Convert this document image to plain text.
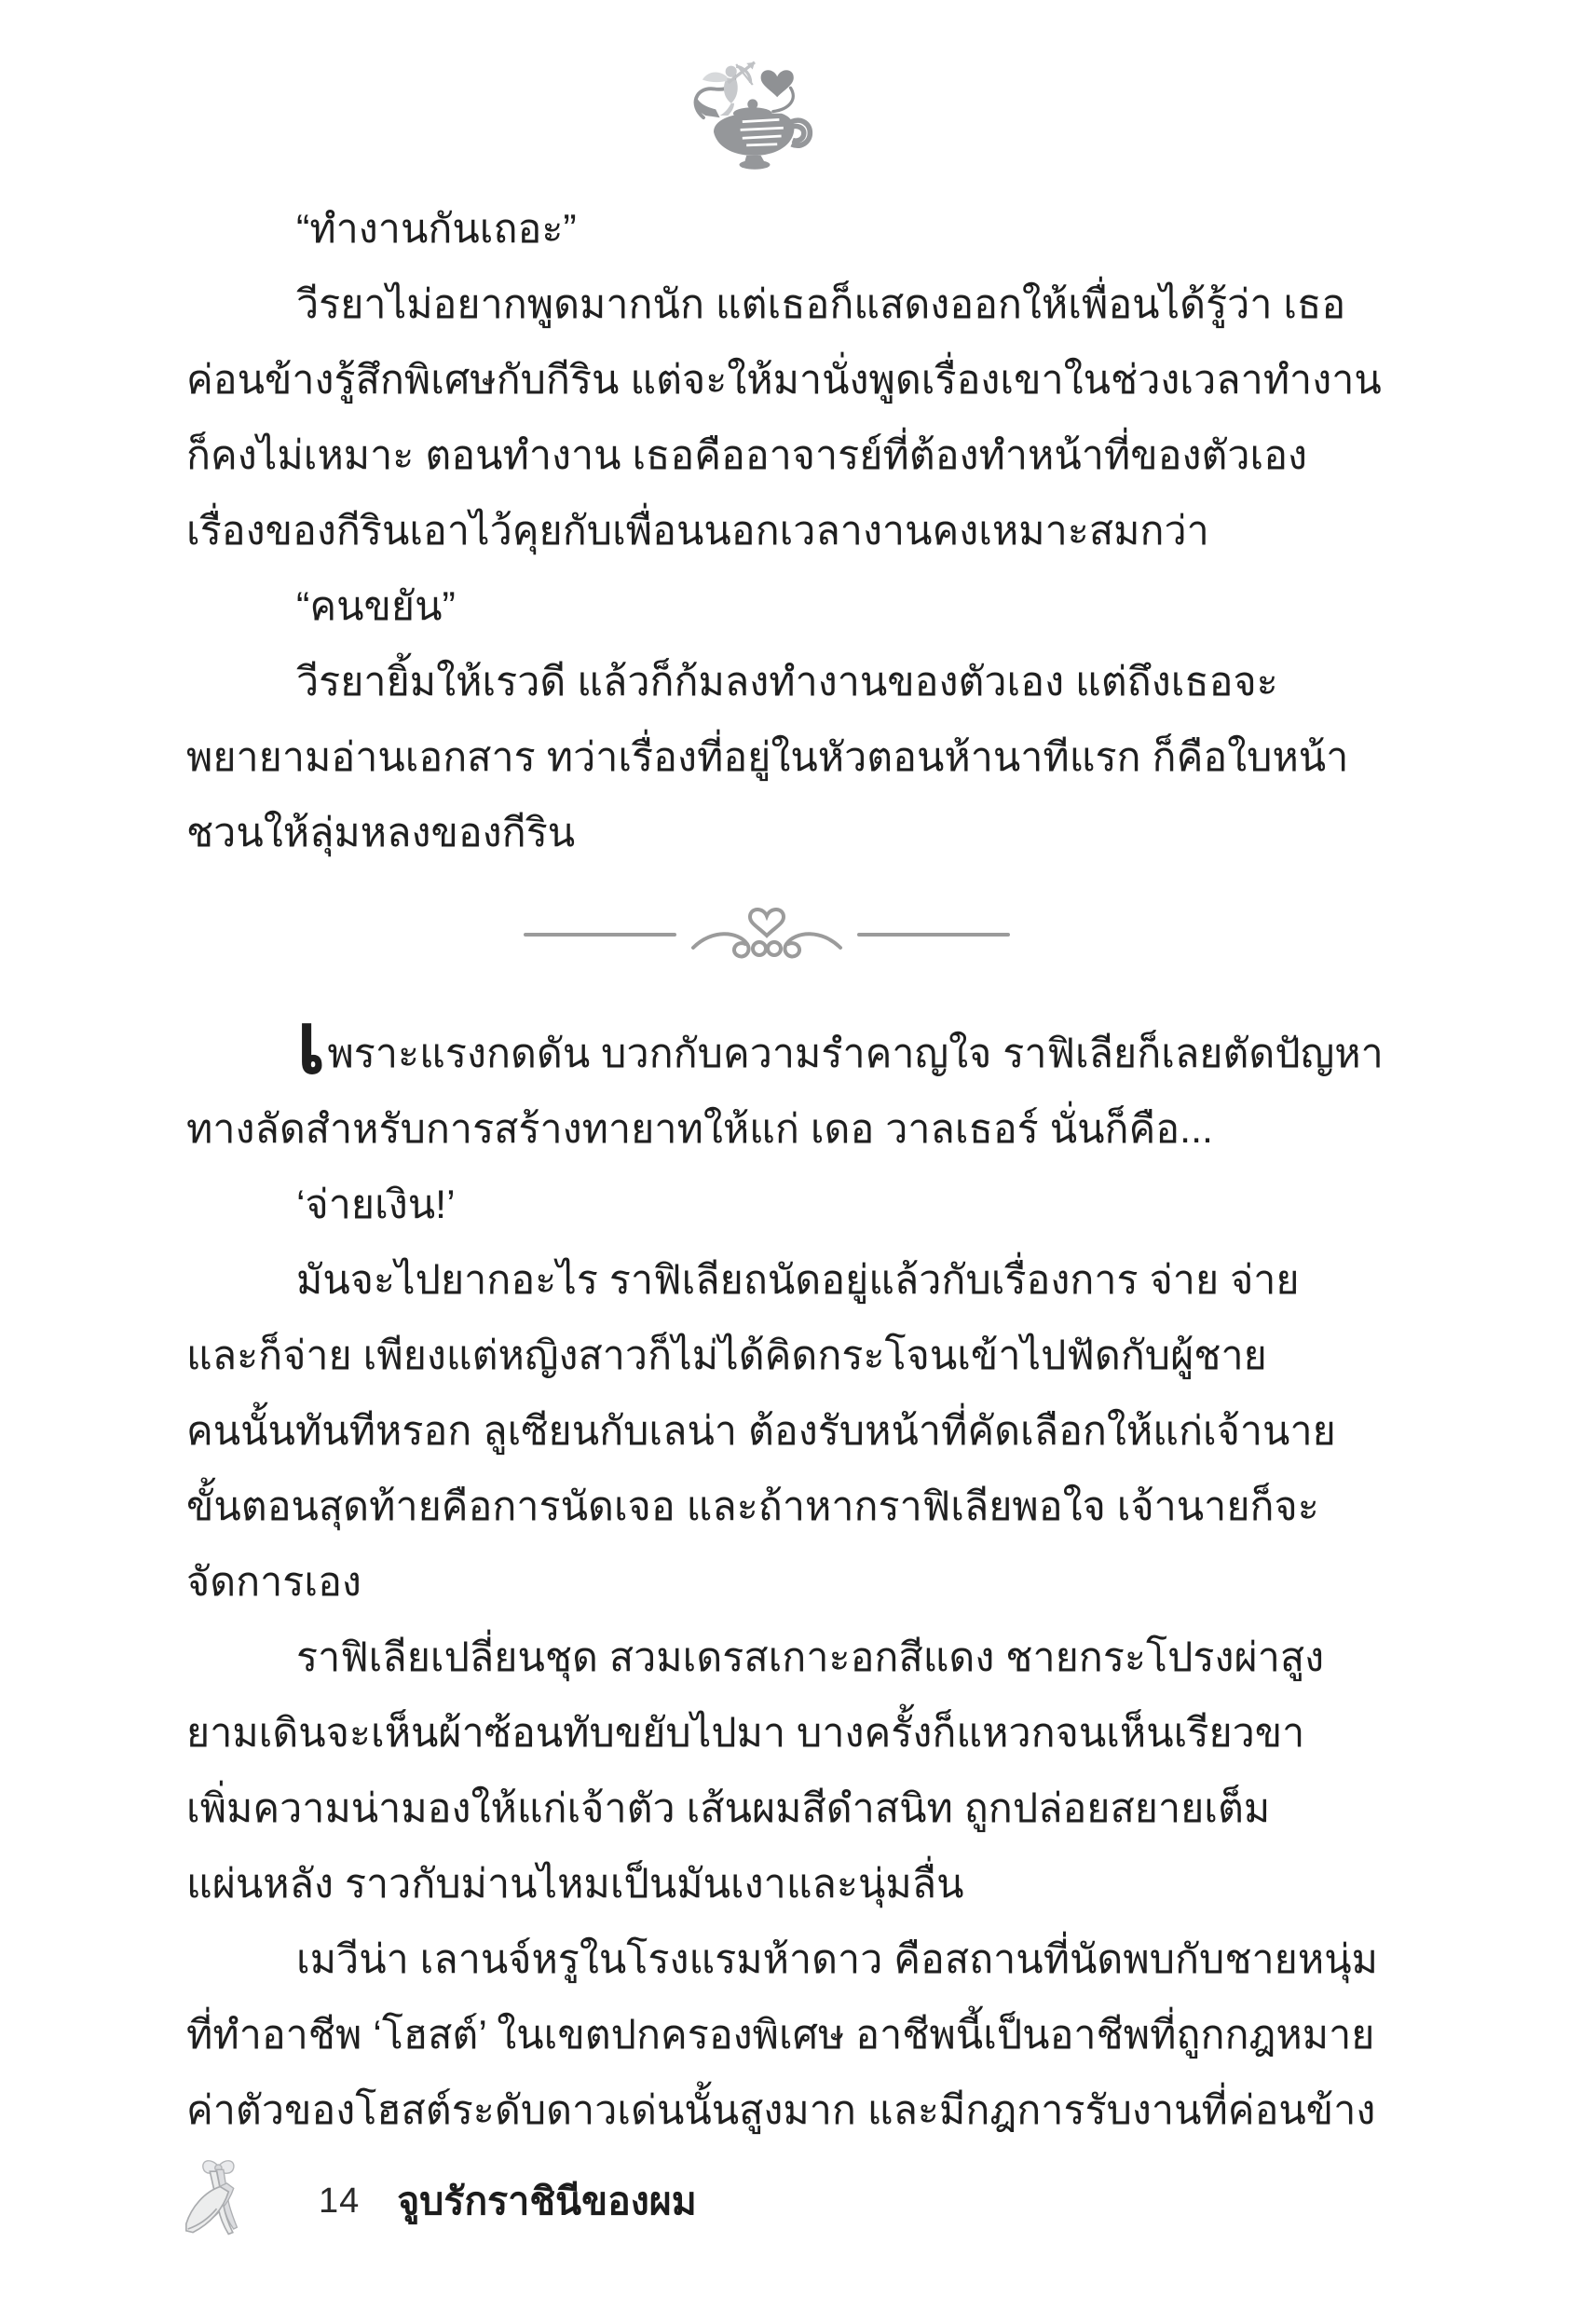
“ทำงานกันเถอะ”
วีรยาไม่อยากพูดมากนัก แต่เธอก็แสดงออกให้เพื่อนได้รู้ว่า เธอ
ค่อนข้างรู้สึกพิเศษกับกีริน แต่จะให้มานั่งพูดเรื่องเขาในช่วงเวลาทำงาน
ก็คงไม่เหมาะ ตอนทำงาน เธอคืออาจารย์ที่ต้องทำหน้าที่ของตัวเอง
เรื่องของกีรินเอาไว้คุยกับเพื่อนนอกเวลางานคงเหมาะสมกว่า
“คนขยัน”
วีรยายิ้มให้เรวดี แล้วก็ก้มลงทำงานของตัวเอง แต่ถึงเธอจะ
พยายามอ่านเอกสาร ทว่าเรื่องที่อยู่ในหัวตอนห้านาทีแรก ก็คือใบหน้า
ชวนให้ลุ่มหลงของกีริน
เพราะแรงกดดัน บวกกับความรำคาญใจ ราฟิเลียก็เลยตัดปัญหา
ทางลัดสำหรับการสร้างทายาทให้แก่ เดอ วาลเธอร์ นั่นก็คือ...
‘จ่ายเงิน!’
มันจะไปยากอะไร ราฟิเลียถนัดอยู่แล้วกับเรื่องการ จ่าย จ่าย
และก็จ่าย เพียงแต่หญิงสาวก็ไม่ได้คิดกระโจนเข้าไปฟัดกับผู้ชาย
คนนั้นทันทีหรอก ลูเซียนกับเลน่า ต้องรับหน้าที่คัดเลือกให้แก่เจ้านาย
ขั้นตอนสุดท้ายคือการนัดเจอ และถ้าหากราฟิเลียพอใจ เจ้านายก็จะ
จัดการเอง
ราฟิเลียเปลี่ยนชุด สวมเดรสเกาะอกสีแดง ชายกระโปรงผ่าสูง
ยามเดินจะเห็นผ้าซ้อนทับขยับไปมา บางครั้งก็แหวกจนเห็นเรียวขา
เพิ่มความน่ามองให้แก่เจ้าตัว เส้นผมสีดำสนิท ถูกปล่อยสยายเต็ม
แผ่นหลัง ราวกับม่านไหมเป็นมันเงาและนุ่มลื่น
เมวีน่า เลานจ์หรูในโรงแรมห้าดาว คือสถานที่นัดพบกับชายหนุ่ม
ที่ทำอาชีพ ‘โฮสต์’ ในเขตปกครองพิเศษ อาชีพนี้เป็นอาชีพที่ถูกกฎหมาย
ค่าตัวของโฮสต์ระดับดาวเด่นนั้นสูงมาก และมีกฎการรับงานที่ค่อนข้าง
14 จูบรักราชินีของผม
